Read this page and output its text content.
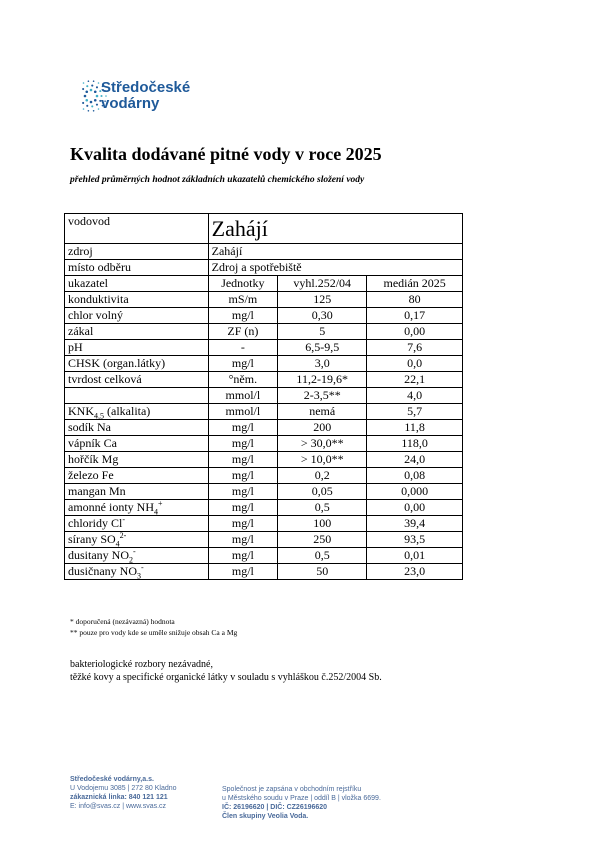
Středočeské
vodárny
Kvalita dodávané pitné vody v roce 2025
přehled průměrných hodnot základních ukazatelů chemického složení vody
vodovod	Zahájí		
zdroj	Zahájí		
místo odběru	Zdroj a spotřebiště		
ukazatel	Jednotky	vyhl.252/04	medián 2025
konduktivita	mS/m	125	80
chlor volný	mg/l	0,30	0,17
zákal	ZF (n)	5	0,00
pH	-	6,5-9,5	7,6
CHSK (organ.látky)	mg/l	3,0	0,0
tvrdost celková	°něm.	11,2-19,6*	22,1
	mmol/l	2-3,5**	4,0
$KNK_{4,5}$ (alkalita)	mmol/l	nemá	5,7
sodík Na	mg/l	200	11,8
vápník Ca	mg/l	> 30,0**	118,0
hořčík Mg	mg/l	> 10,0**	24,0
železo Fe	mg/l	0,2	0,08
mangan Mn	mg/l	0,05	0,000
amonné ionty $NH_4^+$	mg/l	0,5	0,00
chloridy Cl-	mg/l	100	39,4
sírany $SO_4^{2-}$	mg/l	250	93,5
dusitany $NO_2^-$	mg/l	0,5	0,01
dusičnany $NO_3^-$	mg/l	50	23,0
* doporučená (nezávazná) hodnota
** pouze pro vody kde se uměle snižuje obsah Ca a Mg
bakteriologické rozbory nezávadné,
těžké kovy a specifické organické látky v souladu s vyhláškou č.252/2004 Sb.
Středočeské vodárny,a.s.
U Vodojemu 3085 | 272 80 Kladno
zákaznická linka: 840 121 121
E: info@svas.cz | www.svas.cz
Společnost je zapsána v obchodním rejstříku
u Městského soudu v Praze | oddíl B | vložka 6699.
IČ: 26196620 | DIČ: CZ26196620
Člen skupiny Veolia Voda.
